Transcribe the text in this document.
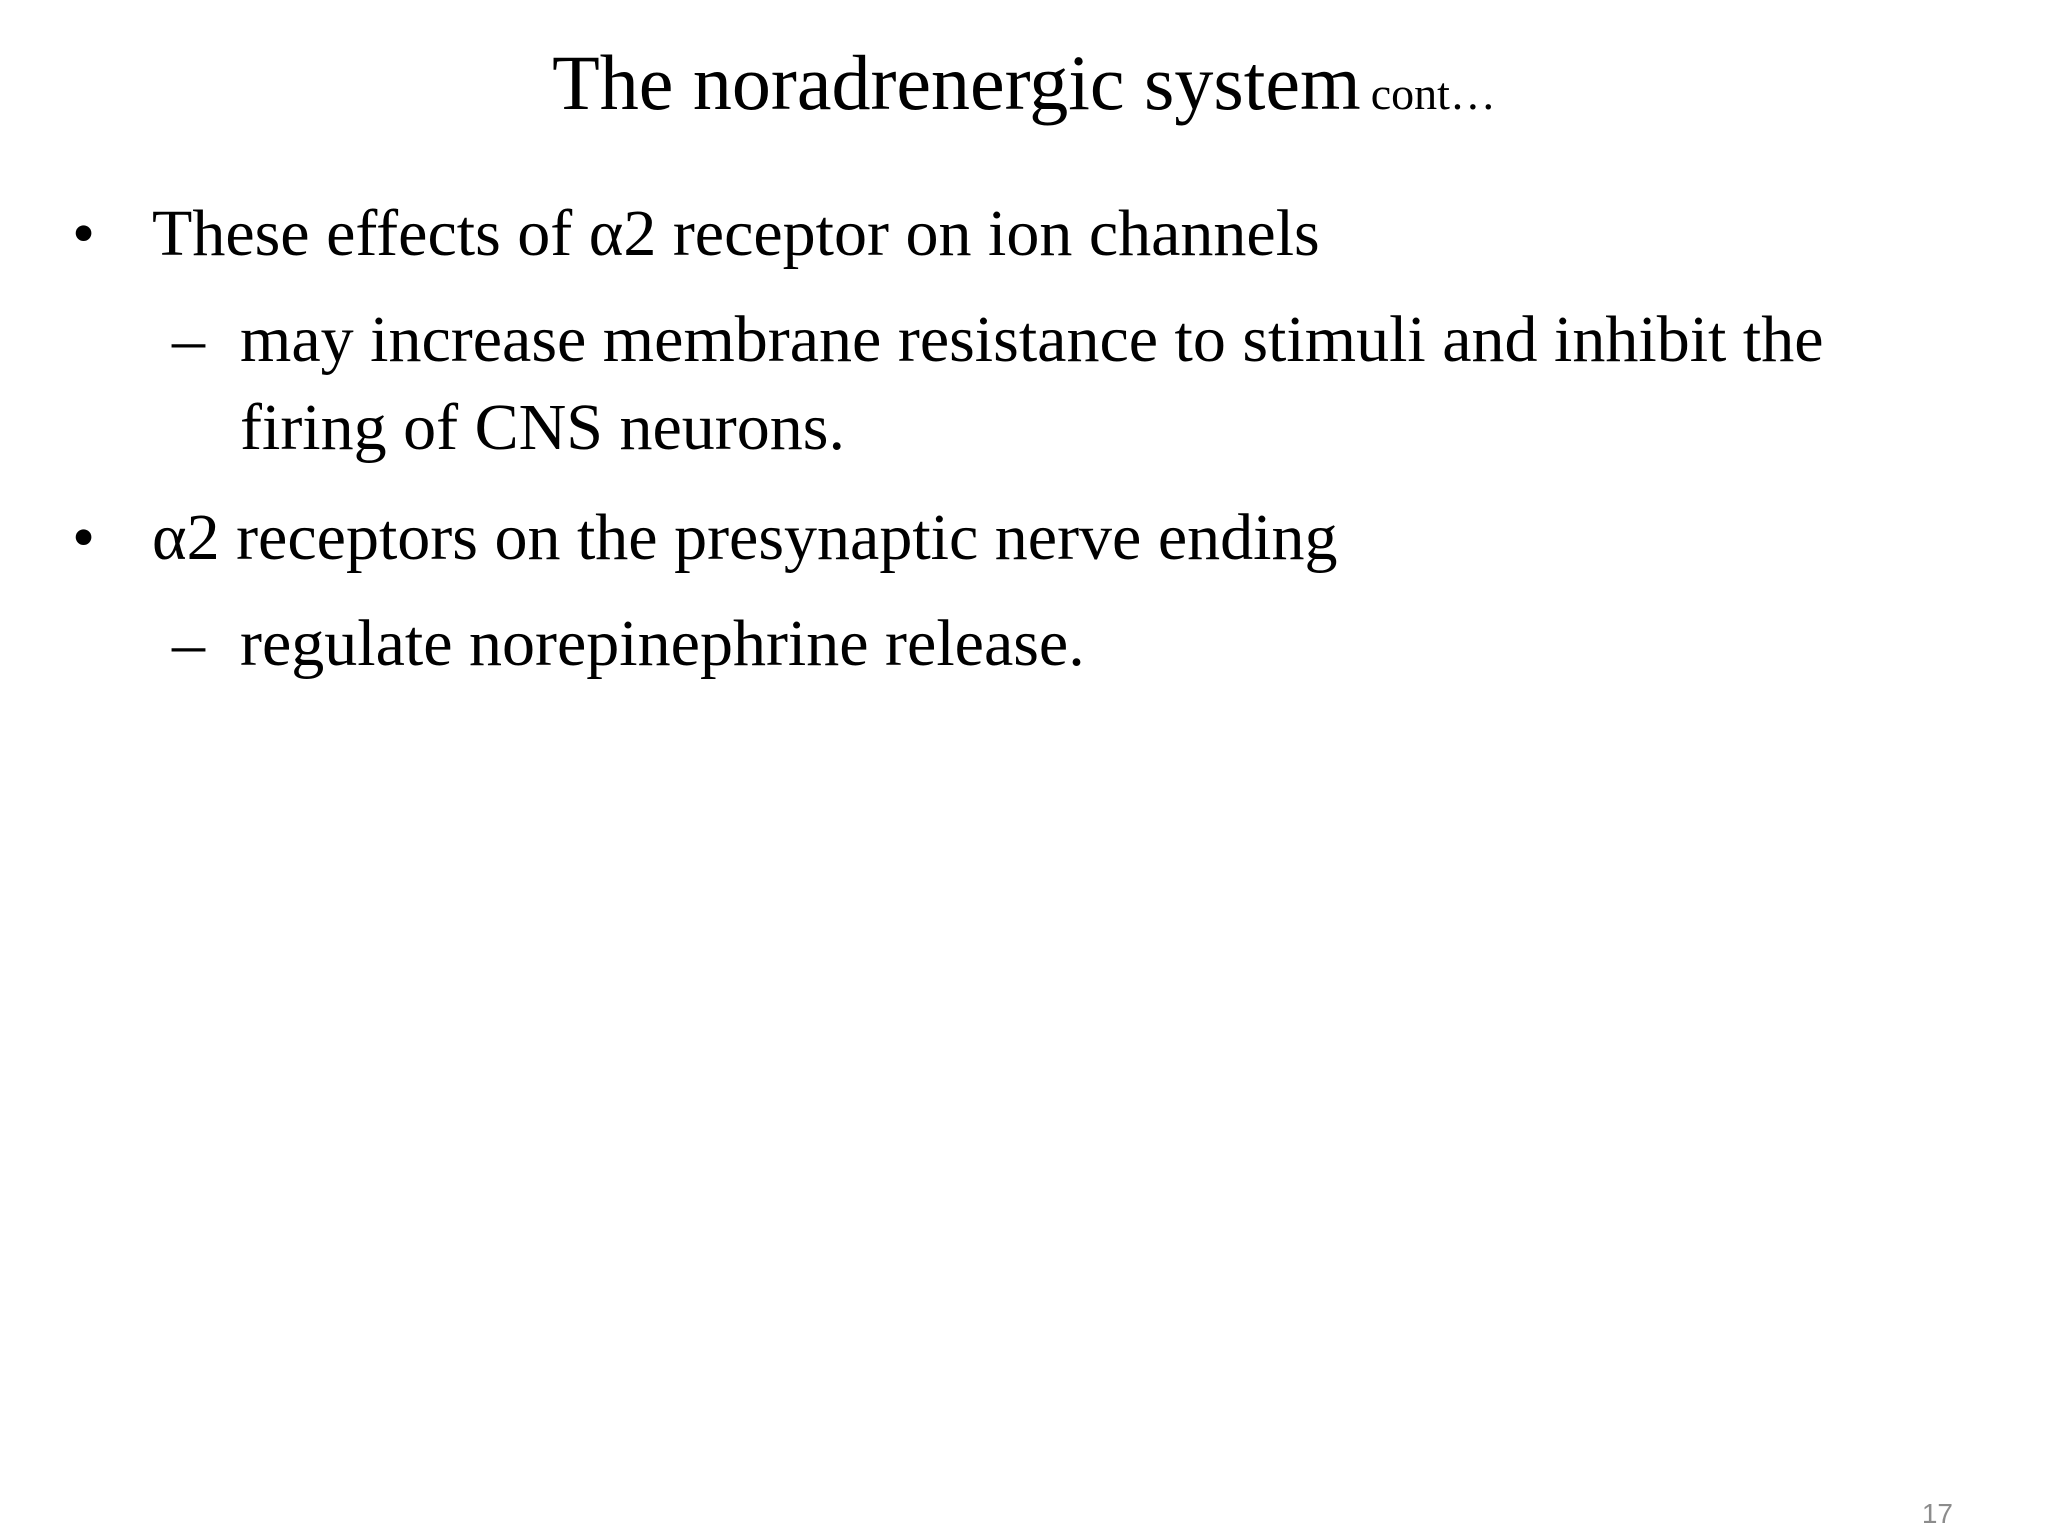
The noradrenergic system cont…
• These effects of α2 receptor on ion channels
– may increase membrane resistance to stimuli and inhibit the firing of CNS neurons.
• α2 receptors on the presynaptic nerve ending
– regulate norepinephrine release.
17
